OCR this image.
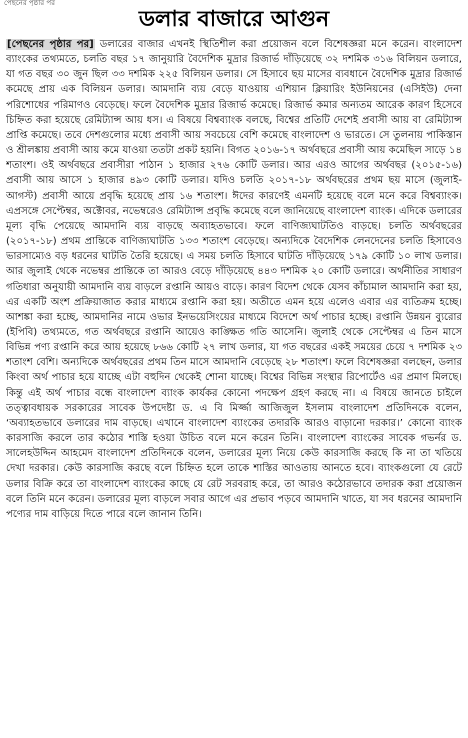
পেছনের পৃষ্ঠার পর
ডলার বাজারে আগুন

[পেছনের পৃষ্ঠার পর] ডলারের বাজার এখনই স্থিতিশীল করা প্রয়োজন বলে বিশেষজ্ঞরা মনে করেন। বাংলাদেশ ব্যাংকের তথ্যমতে, চলতি বছর ১৭ জানুয়ারি বৈদেশিক মুদ্রার রিজার্ভ দাঁড়িয়েছে ৩২ দশমিক ৩১৬ বিলিয়ন ডলারে, যা গত বছর ৩০ জুন ছিল ৩৩ দশমিক ২২৫ বিলিয়ন ডলার। সে হিসাবে ছয় মাসের ব্যবধানে বৈদেশিক মুদ্রার রিজার্ভ কমেছে প্রায় এক বিলিয়ন ডলার। আমদানি ব্যয় বেড়ে যাওয়ায় এশিয়ান ক্লিয়ারিং ইউনিয়নের (এসিইউ) দেনা পরিশোধের পরিমাণও বেড়েছে। ফলে বৈদেশিক মুদ্রার রিজার্ভ কমেছে। রিজার্ভ কমার অন্যতম আরেক কারণ হিসেবে চিহ্নিত করা হয়েছে রেমিট্যান্স আয় ধস। এ বিষয়ে বিশ্বব্যাংক বলছে, বিশ্বের প্রতিটি দেশেই প্রবাসী আয় বা রেমিট্যান্স প্রাপ্তি কমেছে। তবে দেশগুলোর মধ্যে প্রবাসী আয় সবচেয়ে বেশি কমেছে বাংলাদেশ ও ভারতে। সে তুলনায় পাকিস্তান ও শ্রীলঙ্কায় প্রবাসী আয় কমে যাওয়া ততটা প্রকট হয়নি। বিগত ২০১৬-১৭ অর্থবছরে প্রবাসী আয় কমেছিল সাড়ে ১৪ শতাংশ। ওই অর্থবছরে প্রবাসীরা পাঠান ১ হাজার ২৭৬ কোটি ডলার। আর এরও আগের অর্থবছর (২০১৫-১৬) প্রবাসী আয় আসে ১ হাজার ৪৯৩ কোটি ডলার। যদিও চলতি ২০১৭-১৮ অর্থবছরের প্রথম ছয় মাসে (জুলাই-আগস্ট) প্রবাসী আয়ে প্রবৃদ্ধি হয়েছে প্রায় ১৬ শতাংশ। ঈদের কারণেই এমনটি হয়েছে বলে মনে করে বিশ্বব্যাংক। এপ্রসঙ্গে সেপ্টেম্বর, অক্টোবর, নভেম্বরেও রেমিট্যান্স প্রবৃদ্ধি কমেছে বলে জানিয়েছে বাংলাদেশ ব্যাংক। এদিকে ডলারের মূল্য বৃদ্ধি পেয়েছে আমদানি ব্যয় বাড়ছে অব্যাহতভাবে। ফলে বাণিজ্যঘাটতিও বাড়ছে। চলতি অর্থবছরের (২০১৭-১৮) প্রথম প্রান্তিকে বাণিজ্যঘাটতি ১৩৩ শতাংশ বেড়েছে। অন্যদিকে বৈদেশিক লেনদেনের চলতি হিসাবেও ভারসাম্যেও বড় ধরনের ঘাটতি তৈরি হয়েছে। এ সময় চলতি হিসাবে ঘাটতি দাঁড়িয়েছে ১৭৯ কোটি ১০ লাখ ডলার। আর জুলাই থেকে নভেম্বর প্রান্তিকে তা আরও বেড়ে দাঁড়িয়েছে ৪৪৩ দশমিক ২০ কোটি ডলারে। অর্থনীতির সাধারণ গতিধারা অনুযায়ী আমদানি ব্যয় বাড়লে রপ্তানি আয়ও বাড়ে। কারণ বিদেশ থেকে যেসব কাঁচামাল আমদানি করা হয়, এর একটি অংশ প্রক্রিয়াজাত করার মাধ্যমে রপ্তানি করা হয়। অতীতে এমন হয়ে এলেও এবার এর ব্যতিক্রম হচ্ছে। আশঙ্কা করা হচ্ছে, আমদানির নামে ওভার ইনভয়েসিংয়ের মাধ্যমে বিদেশে অর্থ পাচার হচ্ছে। রপ্তানি উন্নয়ন ব্যুরোর (ইপিবি) তথ্যমতে, গত অর্থবছরে রপ্তানি আয়েও কাঙ্ক্ষিত গতি আসেনি। জুলাই থেকে সেপ্টেম্বর এ তিন মাসে বিভিন্ন পণ্য রপ্তানি করে আয় হয়েছে ৮৬৬ কোটি ২৭ লাখ ডলার, যা গত বছরের একই সময়ের চেয়ে ৭ দশমিক ২৩ শতাংশ বেশি। অন্যদিকে অর্থবছরের প্রথম তিন মাসে আমদানি বেড়েছে ২৮ শতাংশ। ফলে বিশেষজ্ঞরা বলছেন, ডলার কিংবা অর্থ পাচার হয়ে যাচ্ছে এটা বহুদিন থেকেই শোনা যাচ্ছে। বিশ্বের বিভিন্ন সংস্থার রিপোর্টেও এর প্রমাণ মিলছে। কিন্তু এই অর্থ পাচার বন্ধে বাংলাদেশ ব্যাংক কার্যকর কোনো পদক্ষেপ গ্রহণ করছে না। এ বিষয়ে জানতে চাইলে তত্ত্বাবধায়ক সরকারের সাবেক উপদেষ্টা ড. এ বি মির্জ্জা আজিজুল ইসলাম বাংলাদেশ প্রতিদিনকে বলেন, ‘অব্যাহতভাবে ডলারের দাম বাড়ছে। এখানে বাংলাদেশ ব্যাংকের তদারকি আরও বাড়ানো দরকার।’ কোনো ব্যাংক কারসাজি করলে তার কঠোর শাস্তি হওয়া উচিত বলে মনে করেন তিনি। বাংলাদেশ ব্যাংকের সাবেক গভর্নর ড. সালেহউদ্দিন আহমেদ বাংলাদেশ প্রতিদিনকে বলেন, ডলারের মূল্য নিয়ে কেউ কারসাজি করছে কি না তা খতিয়ে দেখা দরকার। কেউ কারসাজি করছে বলে চিহ্নিত হলে তাকে শাস্তির আওতায় আনতে হবে। ব্যাংকগুলো যে রেটে ডলার বিক্রি করে তা বাংলাদেশ ব্যাংকের কাছে যে রেট সরবরাহ করে, তা আরও কঠোরভাবে তদারক করা প্রয়োজন বলে তিনি মনে করেন। ডলারের মূল্য বাড়লে সবার আগে এর প্রভাব পড়বে আমদানি খাতে, যা সব ধরনের আমদানি পণ্যের দাম বাড়িয়ে দিতে পারে বলে জানান তিনি।
